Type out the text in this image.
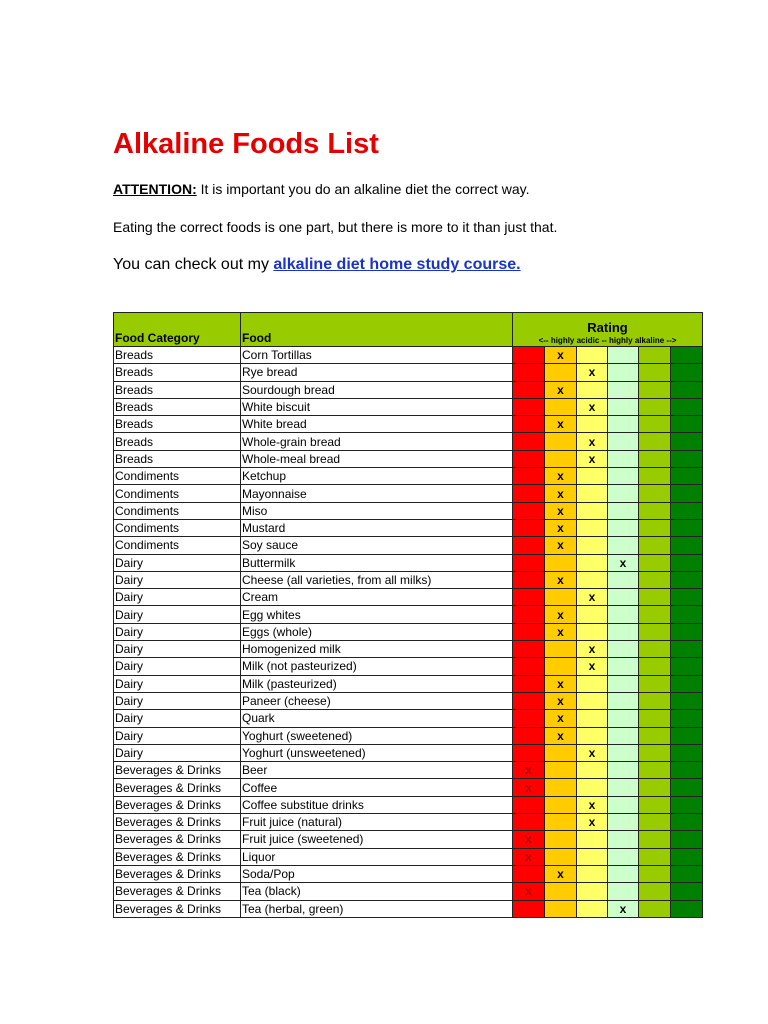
Alkaline Foods List
ATTENTION: It is important you do an alkaline diet the correct way.
Eating the correct foods is one part, but there is more to it than just that.
You can check out my alkaline diet home study course.
Food Category	Food	Rating
<-- highly acidic -- highly alkaline -->					

Breads	Corn Tortillas		x				
Breads	Rye bread			x			
Breads	Sourdough bread		x				
Breads	White biscuit			x			
Breads	White bread		x				
Breads	Whole-grain bread			x			
Breads	Whole-meal bread			x			
Condiments	Ketchup		x				
Condiments	Mayonnaise		x				
Condiments	Miso		x				
Condiments	Mustard		x				
Condiments	Soy sauce		x				
Dairy	Buttermilk				x		
Dairy	Cheese (all varieties, from all milks)		x				
Dairy	Cream			x			
Dairy	Egg whites		x				
Dairy	Eggs (whole)		x				
Dairy	Homogenized milk			x			
Dairy	Milk (not pasteurized)			x			
Dairy	Milk (pasteurized)		x				
Dairy	Paneer (cheese)		x				
Dairy	Quark		x				
Dairy	Yoghurt (sweetened)		x				
Dairy	Yoghurt (unsweetened)			x			
Beverages & Drinks	Beer	x					
Beverages & Drinks	Coffee	x					
Beverages & Drinks	Coffee substitue drinks			x			
Beverages & Drinks	Fruit juice (natural)			x			
Beverages & Drinks	Fruit juice (sweetened)	x					
Beverages & Drinks	Liquor	x					
Beverages & Drinks	Soda/Pop		x				
Beverages & Drinks	Tea (black)	x					
Beverages & Drinks	Tea (herbal, green)				x		
